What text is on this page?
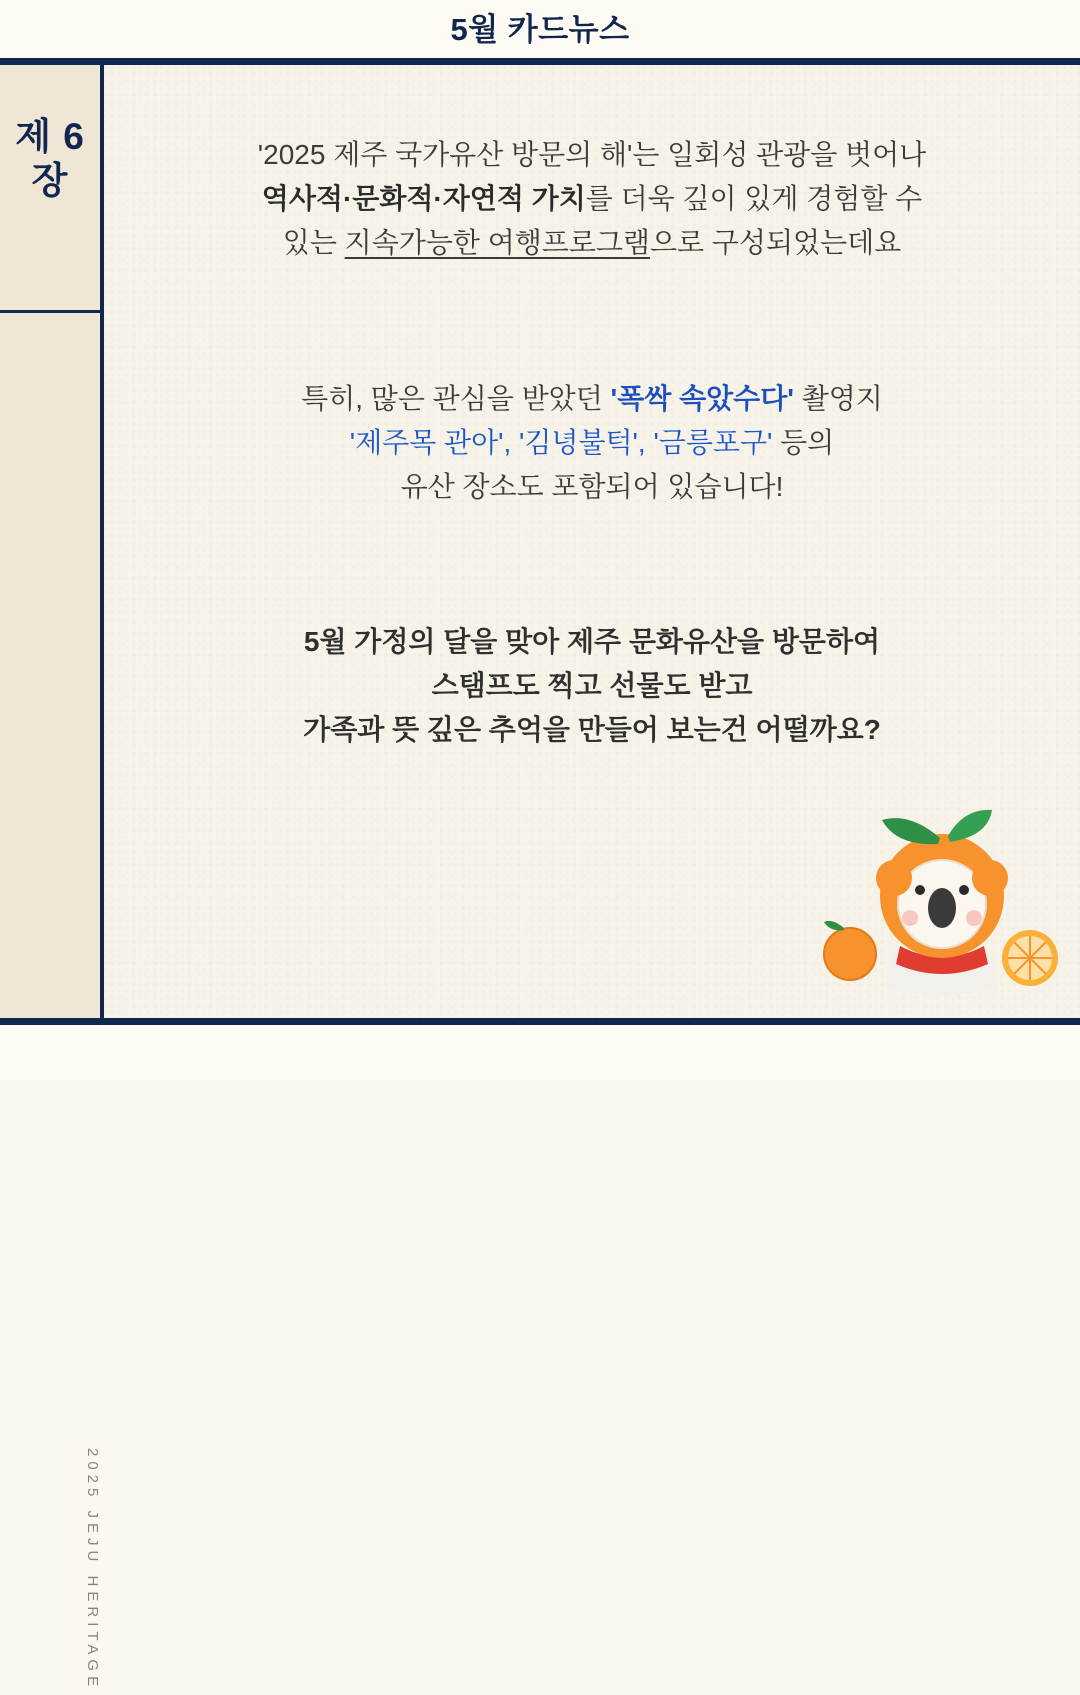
5월 카드뉴스
제 6 장
2025 JEJU HERITAGE
'2025 제주 국가유산 방문의 해'는 일회성 관광을 벗어나
역사적·문화적·자연적 가치를 더욱 깊이 있게 경험할 수
있는 지속가능한 여행프로그램으로 구성되었는데요
특히, 많은 관심을 받았던 '폭싹 속았수다' 촬영지
'제주목 관아', '김녕불턱', '금릉포구' 등의
유산 장소도 포함되어 있습니다!
5월 가정의 달을 맞아 제주 문화유산을 방문하여
스탬프도 찍고 선물도 받고
가족과 뜻 깊은 추억을 만들어 보는건 어떨까요?
